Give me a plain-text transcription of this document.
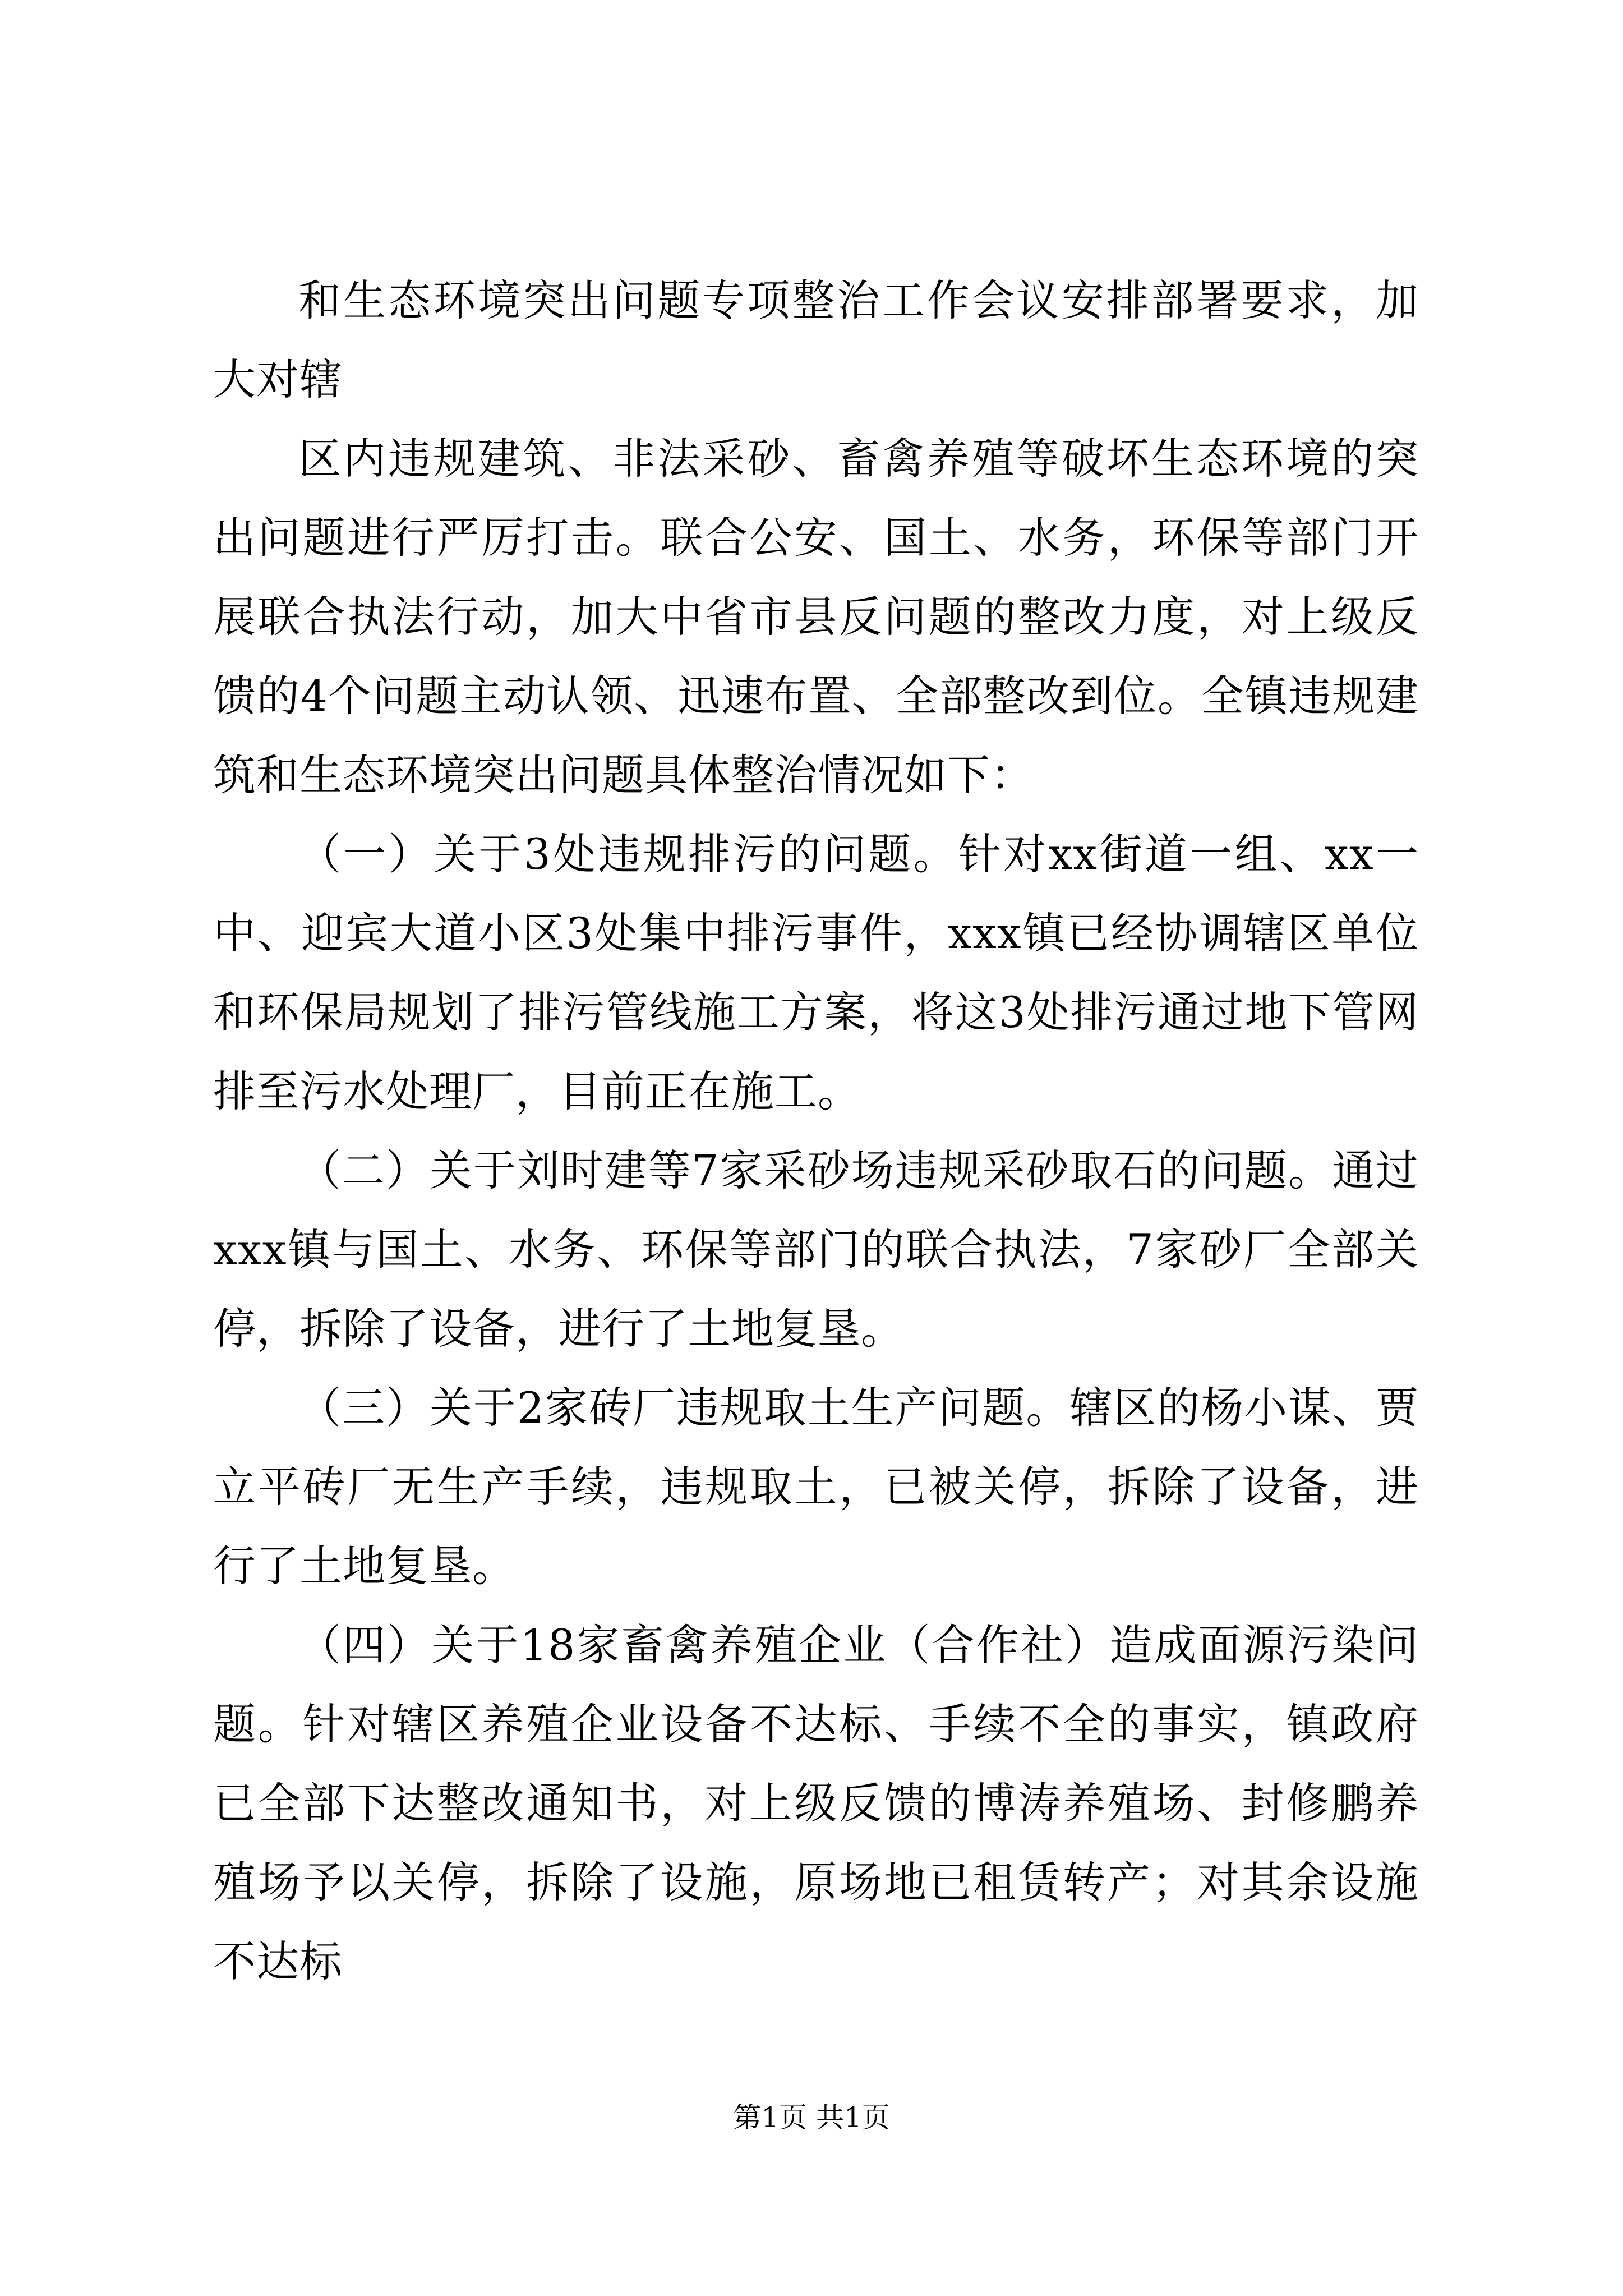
和生态环境突出问题专项整治工作会议安排部署要求，加大对辖

区内违规建筑、非法采砂、畜禽养殖等破坏生态环境的突出问题进行严厉打击。联合公安、国土、水务，环保等部门开展联合执法行动，加大中省市县反问题的整改力度，对上级反馈的4个问题主动认领、迅速布置、全部整改到位。全镇违规建筑和生态环境突出问题具体整治情况如下：

（一）关于3处违规排污的问题。针对xx街道一组、xx一中、迎宾大道小区3处集中排污事件，xxx镇已经协调辖区单位和环保局规划了排污管线施工方案，将这3处排污通过地下管网排至污水处理厂，目前正在施工。

（二）关于刘时建等7家采砂场违规采砂取石的问题。通过xxx镇与国土、水务、环保等部门的联合执法，7家砂厂全部关停，拆除了设备，进行了土地复垦。

（三）关于2家砖厂违规取土生产问题。辖区的杨小谋、贾立平砖厂无生产手续，违规取土，已被关停，拆除了设备，进行了土地复垦。

（四）关于18家畜禽养殖企业（合作社）造成面源污染问题。针对辖区养殖企业设备不达标、手续不全的事实，镇政府已全部下达整改通知书，对上级反馈的博涛养殖场、封修鹏养殖场予以关停，拆除了设施，原场地已租赁转产；对其余设施不达标

第1页 共1页
